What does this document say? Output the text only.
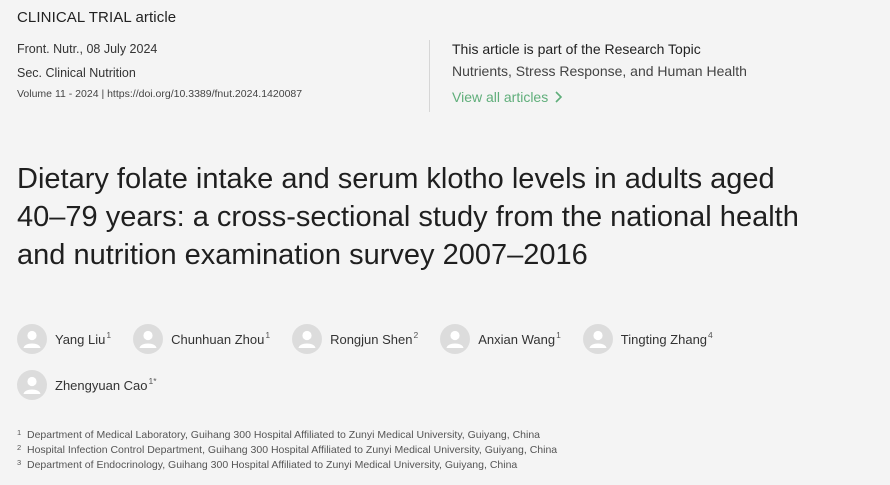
CLINICAL TRIAL article
Front. Nutr., 08 July 2024
Sec. Clinical Nutrition
Volume 11 - 2024 | https://doi.org/10.3389/fnut.2024.1420087
This article is part of the Research Topic
Nutrients, Stress Response, and Human Health
View all articles
Dietary folate intake and serum klotho levels in adults aged
40–79 years: a cross-sectional study from the national health
and nutrition examination survey 2007–2016
Yang Liu$^1$	Chunhuan Zhou$^1$	Rongjun Shen$^2$	Anxian Wang$^1$	Tingting Zhang$^4$
Zhengyuan Cao$^{1*}$
1 Department of Medical Laboratory, Guihang 300 Hospital Affiliated to Zunyi Medical University, Guiyang, China
2 Hospital Infection Control Department, Guihang 300 Hospital Affiliated to Zunyi Medical University, Guiyang, China
3 Department of Endocrinology, Guihang 300 Hospital Affiliated to Zunyi Medical University, Guiyang, China
